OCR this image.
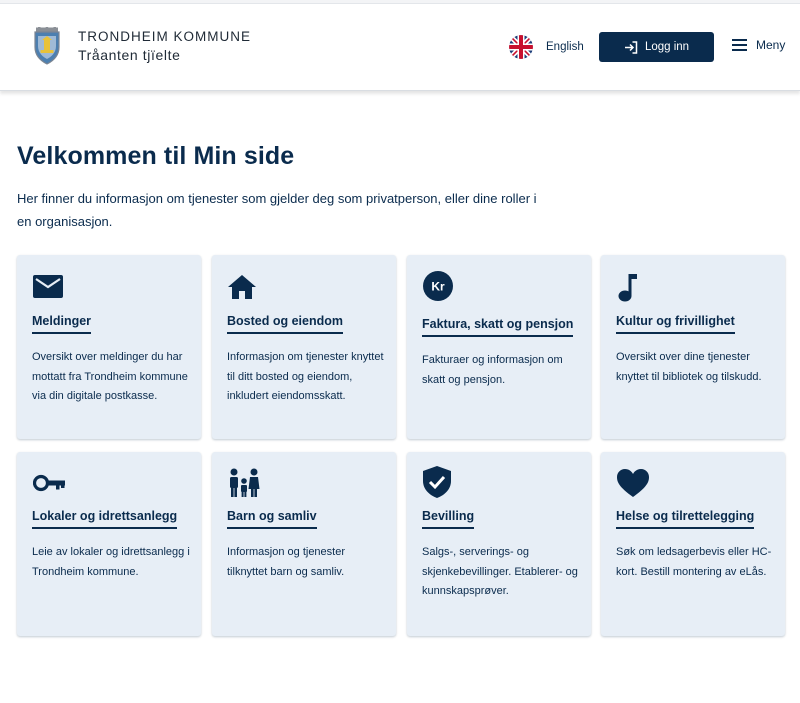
TRONDHEIM KOMMUNE
Tråanten tjïelte	English	Logg inn	Meny
Velkommen til Min side

Her finner du informasjon om tjenester som gjelder deg som privatperson, eller dine roller i en organisasjon.

Meldinger
Oversikt over meldinger du har mottatt fra Trondheim kommune via din digitale postkasse.
Bosted og eiendom
Informasjon om tjenester knyttet til ditt bosted og eiendom, inkludert eiendomsskatt.
Kr
Faktura, skatt og pensjon
Fakturaer og informasjon om skatt og pensjon.
Kultur og frivillighet
Oversikt over dine tjenester knyttet til bibliotek og tilskudd.
Lokaler og idrettsanlegg
Leie av lokaler og idrettsanlegg i Trondheim kommune.
Barn og samliv
Informasjon og tjenester tilknyttet barn og samliv.
Bevilling
Salgs-, serverings- og skjenkebevillinger. Etablerer- og kunnskapsprøver.
Helse og tilrettelegging
Søk om ledsagerbevis eller HC-kort. Bestill montering av eLås.
